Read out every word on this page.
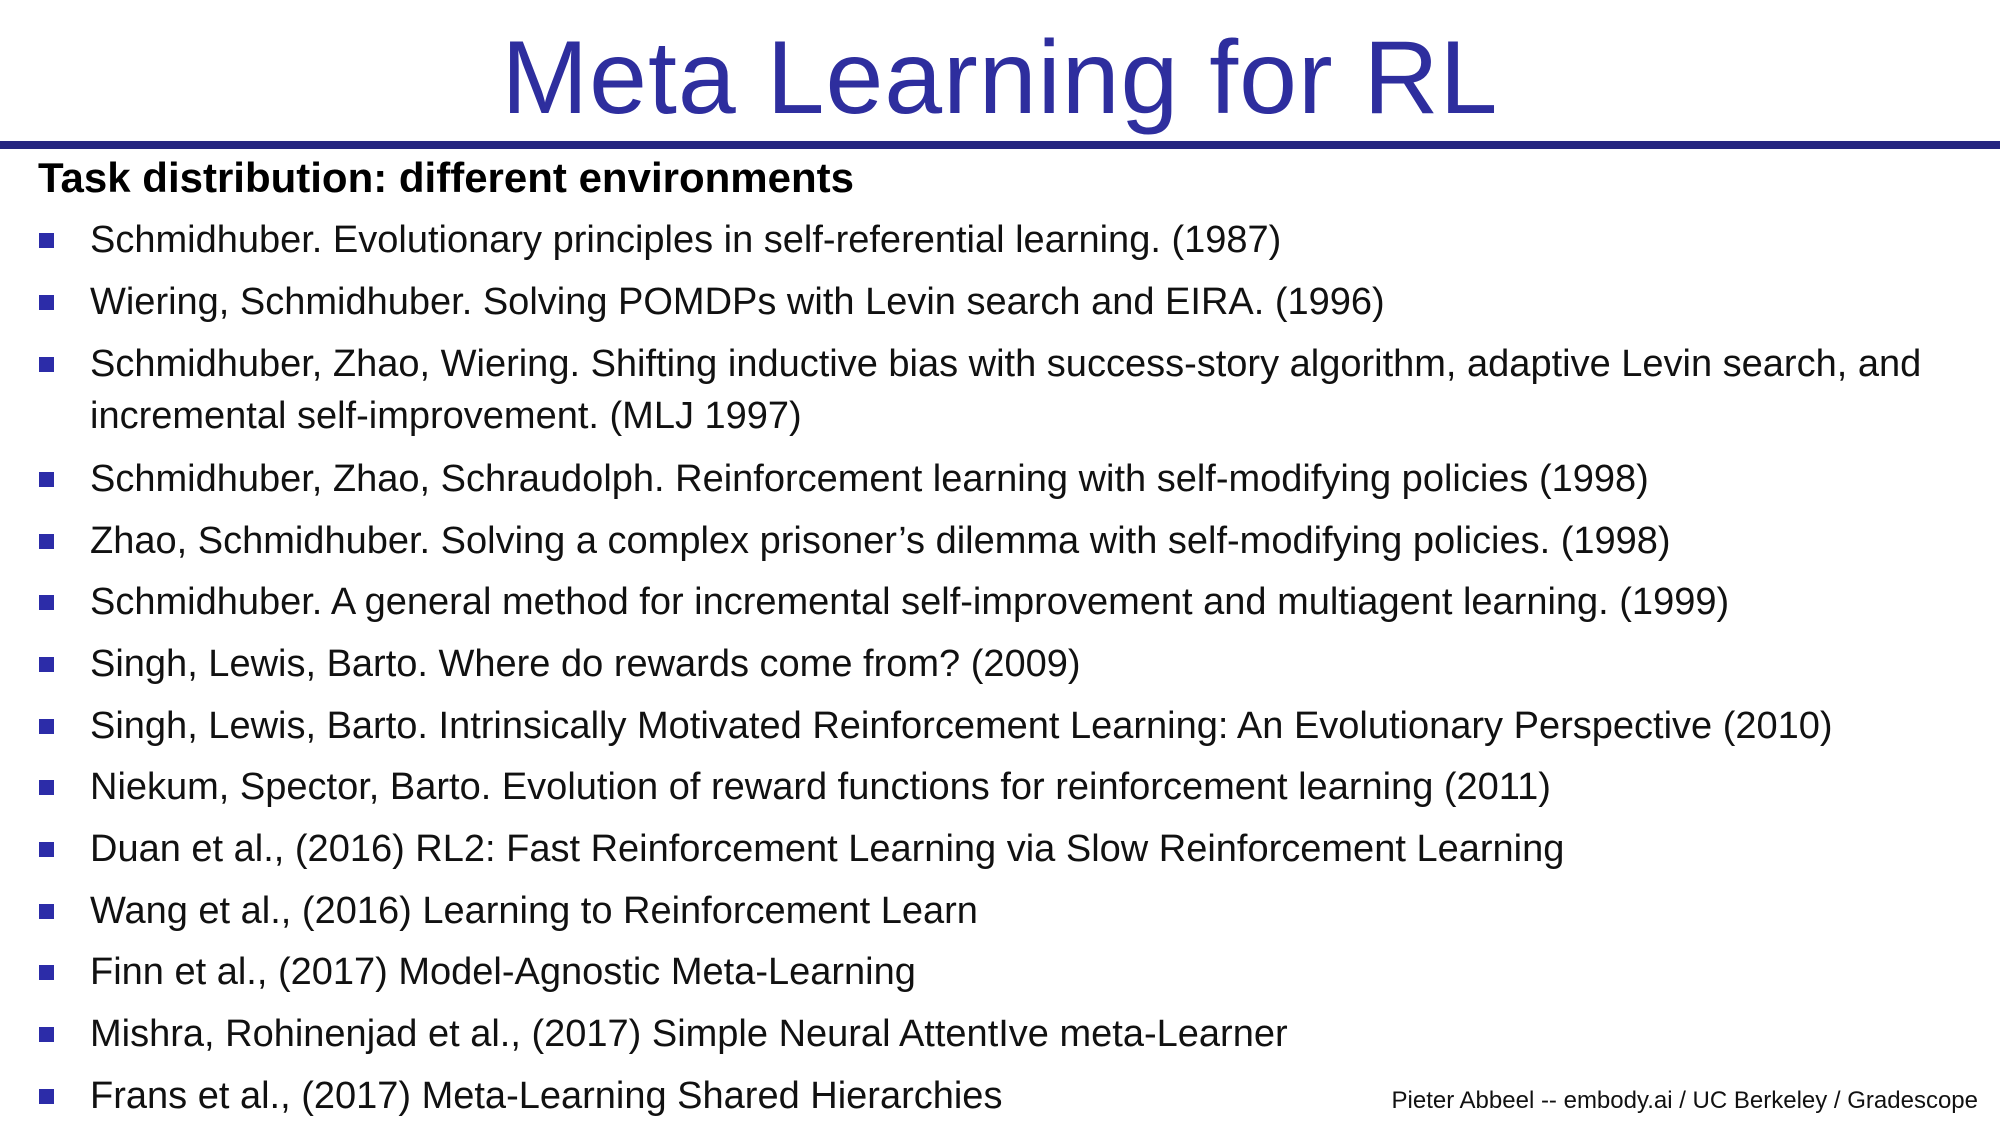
Meta Learning for RL
Task distribution: different environments
Schmidhuber. Evolutionary principles in self-referential learning. (1987)
Wiering, Schmidhuber. Solving POMDPs with Levin search and EIRA. (1996)
Schmidhuber, Zhao, Wiering. Shifting inductive bias with success-story algorithm, adaptive Levin search, and incremental self-improvement. (MLJ 1997)
Schmidhuber, Zhao, Schraudolph. Reinforcement learning with self-modifying policies (1998)
Zhao, Schmidhuber. Solving a complex prisoner’s dilemma with self-modifying policies. (1998)
Schmidhuber. A general method for incremental self-improvement and multiagent learning. (1999)
Singh, Lewis, Barto. Where do rewards come from? (2009)
Singh, Lewis, Barto. Intrinsically Motivated Reinforcement Learning: An Evolutionary Perspective (2010)
Niekum, Spector, Barto. Evolution of reward functions for reinforcement learning (2011)
Duan et al., (2016) RL2: Fast Reinforcement Learning via Slow Reinforcement Learning
Wang et al., (2016) Learning to Reinforcement Learn
Finn et al., (2017) Model-Agnostic Meta-Learning
Mishra, Rohinenjad et al., (2017) Simple Neural AttentIve meta-Learner
Frans et al., (2017) Meta-Learning Shared Hierarchies	Pieter Abbeel -- embody.ai / UC Berkeley / Gradescope
